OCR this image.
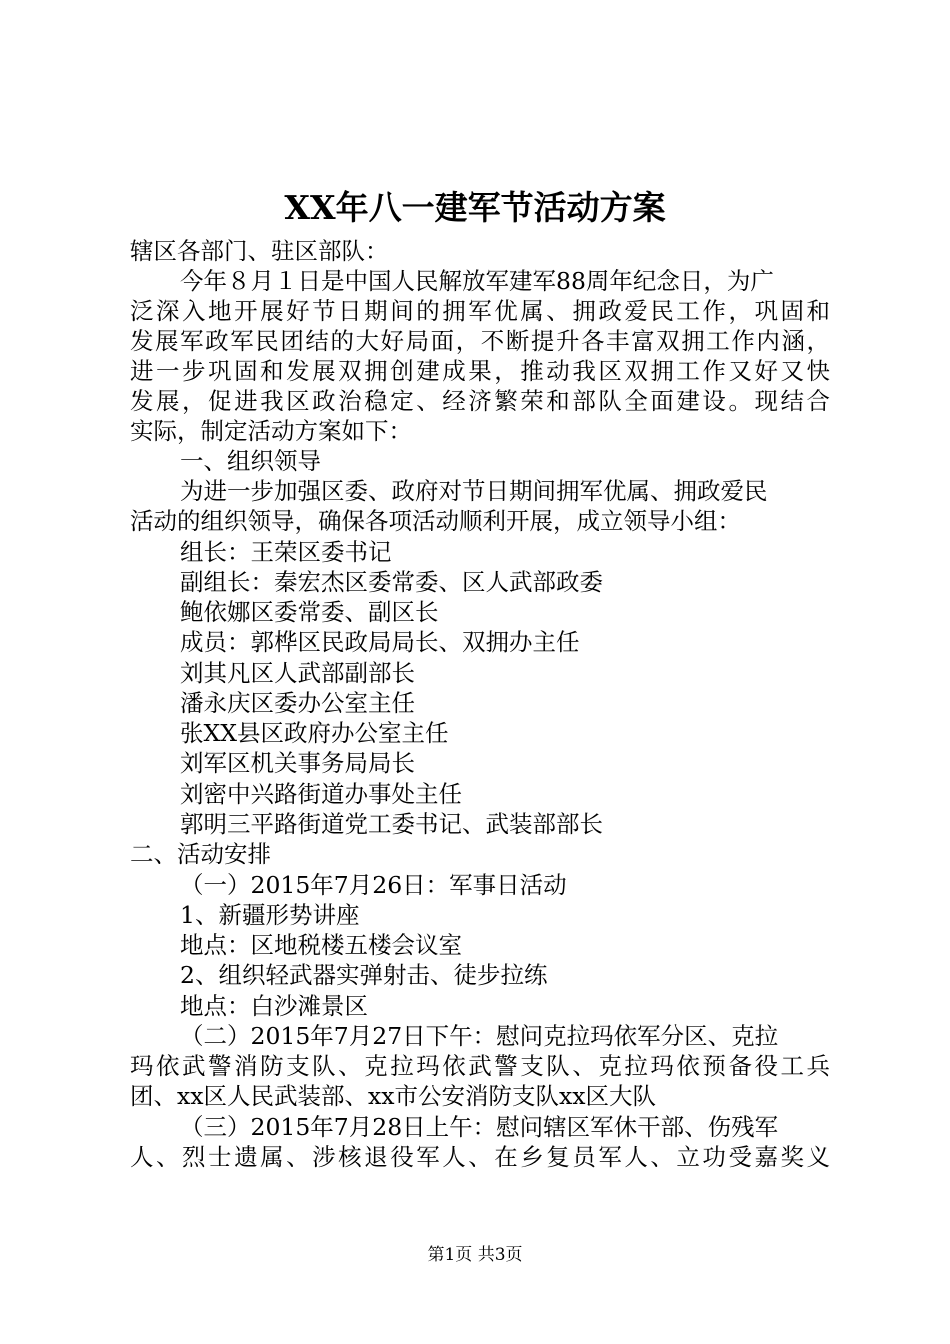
XX年八一建军节活动方案
辖区各部门、驻区部队：
今年８月１日是中国人民解放军建军88周年纪念日，为广
泛深入地开展好节日期间的拥军优属、拥政爱民工作，巩固和
发展军政军民团结的大好局面，不断提升各丰富双拥工作内涵，
进一步巩固和发展双拥创建成果，推动我区双拥工作又好又快
发展，促进我区政治稳定、经济繁荣和部队全面建设。现结合
实际，制定活动方案如下：
一、组织领导
为进一步加强区委、政府对节日期间拥军优属、拥政爱民
活动的组织领导，确保各项活动顺利开展，成立领导小组：
组长：王荣区委书记
副组长：秦宏杰区委常委、区人武部政委
鲍依娜区委常委、副区长
成员：郭桦区民政局局长、双拥办主任
刘其凡区人武部副部长
潘永庆区委办公室主任
张XX县区政府办公室主任
刘军区机关事务局局长
刘密中兴路街道办事处主任
郭明三平路街道党工委书记、武装部部长
二、活动安排
（一）2015年7月26日：军事日活动
1、新疆形势讲座
地点：区地税楼五楼会议室
2、组织轻武器实弹射击、徒步拉练
地点：白沙滩景区
（二）2015年7月27日下午：慰问克拉玛依军分区、克拉
玛依武警消防支队、克拉玛依武警支队、克拉玛依预备役工兵
团、xx区人民武装部、xx市公安消防支队xx区大队
（三）2015年7月28日上午：慰问辖区军休干部、伤残军
人、烈士遗属、涉核退役军人、在乡复员军人、立功受嘉奖义
第1页 共3页
